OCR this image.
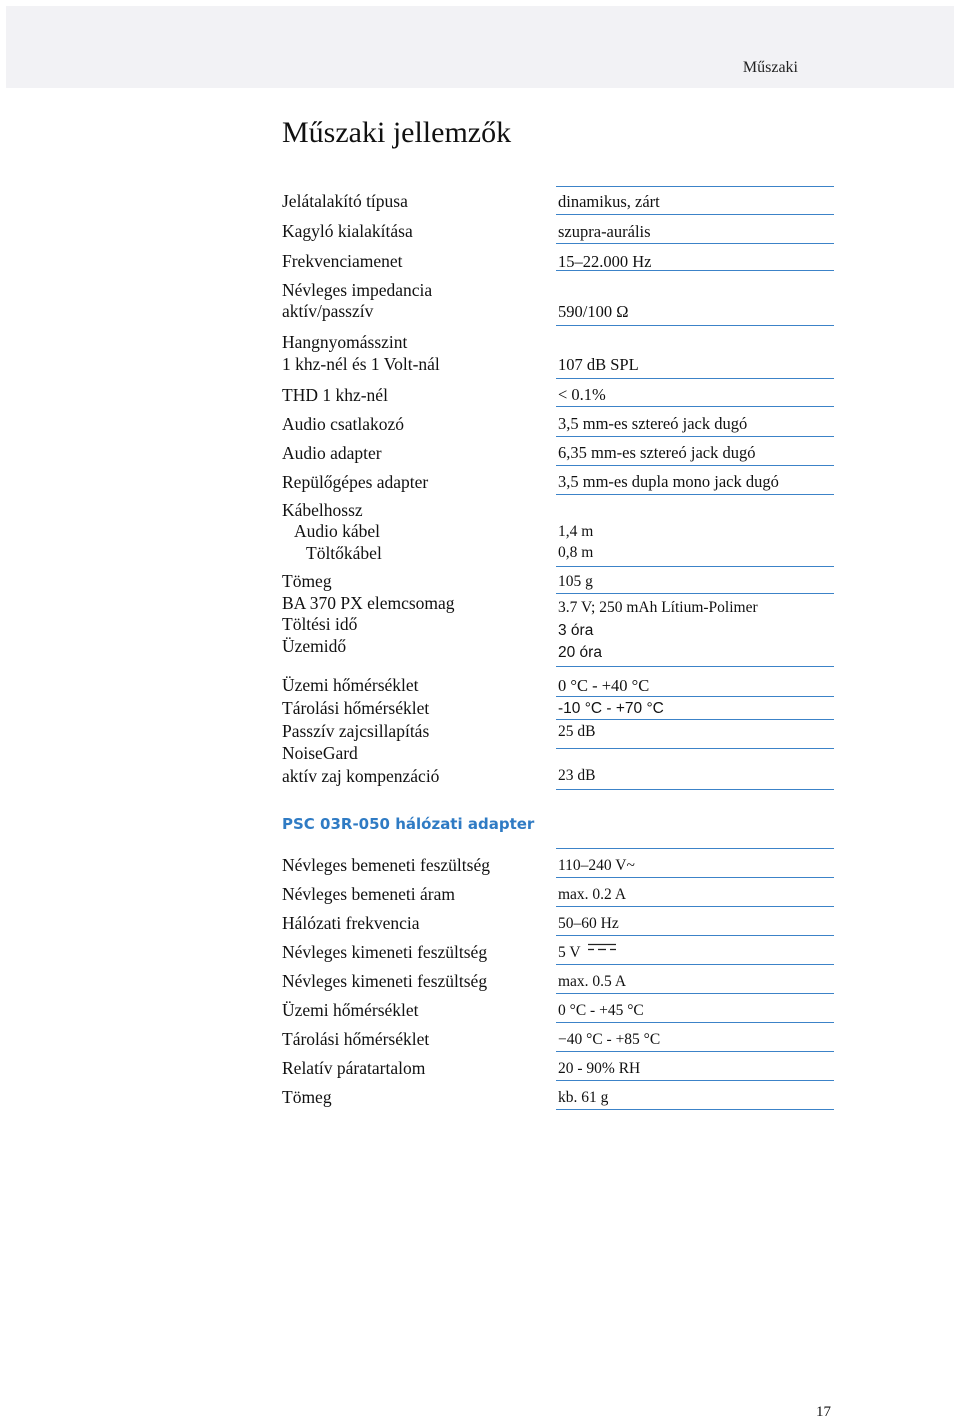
Műszaki
Műszaki jellemzők
Jelátalakító típusa	dinamikus, zárt
Kagyló kialakítása	szupra-aurális
Frekvenciamenet	15–22.000 Hz
Névleges impedancia
aktív/passzív	590/100 Ω
Hangnyomásszint
1 khz-nél és 1 Volt-nál	107 dB SPL
THD 1 khz-nél	< 0.1%
Audio csatlakozó	3,5 mm-es sztereó jack dugó
Audio adapter	6,35 mm-es sztereó jack dugó
Repülőgépes adapter	3,5 mm-es dupla mono jack dugó
Kábelhossz
Audio kábel	1,4 m
Töltőkábel	0,8 m
Tömeg	105 g
BA 370 PX elemcsomag	3.7 V; 250 mAh Lítium-Polimer
Töltési idő	3 óra
Üzemidő	20 óra
Üzemi hőmérséklet	0 °C - +40 °C
Tárolási hőmérséklet	-10 °C - +70 °C
Passzív zajcsillapítás	25 dB
NoiseGard
aktív zaj kompenzáció	23 dB
PSC 03R-050 hálózati adapter
Névleges bemeneti feszültség	110–240 V~
Névleges bemeneti áram	max. 0.2 A
Hálózati frekvencia	50–60 Hz
Névleges kimeneti feszültség	5 V
Névleges kimeneti feszültség	max. 0.5 A
Üzemi hőmérséklet	0 °C - +45 °C
Tárolási hőmérséklet	−40 °C - +85 °C
Relatív páratartalom	20 - 90% RH
Tömeg	kb. 61 g
17
